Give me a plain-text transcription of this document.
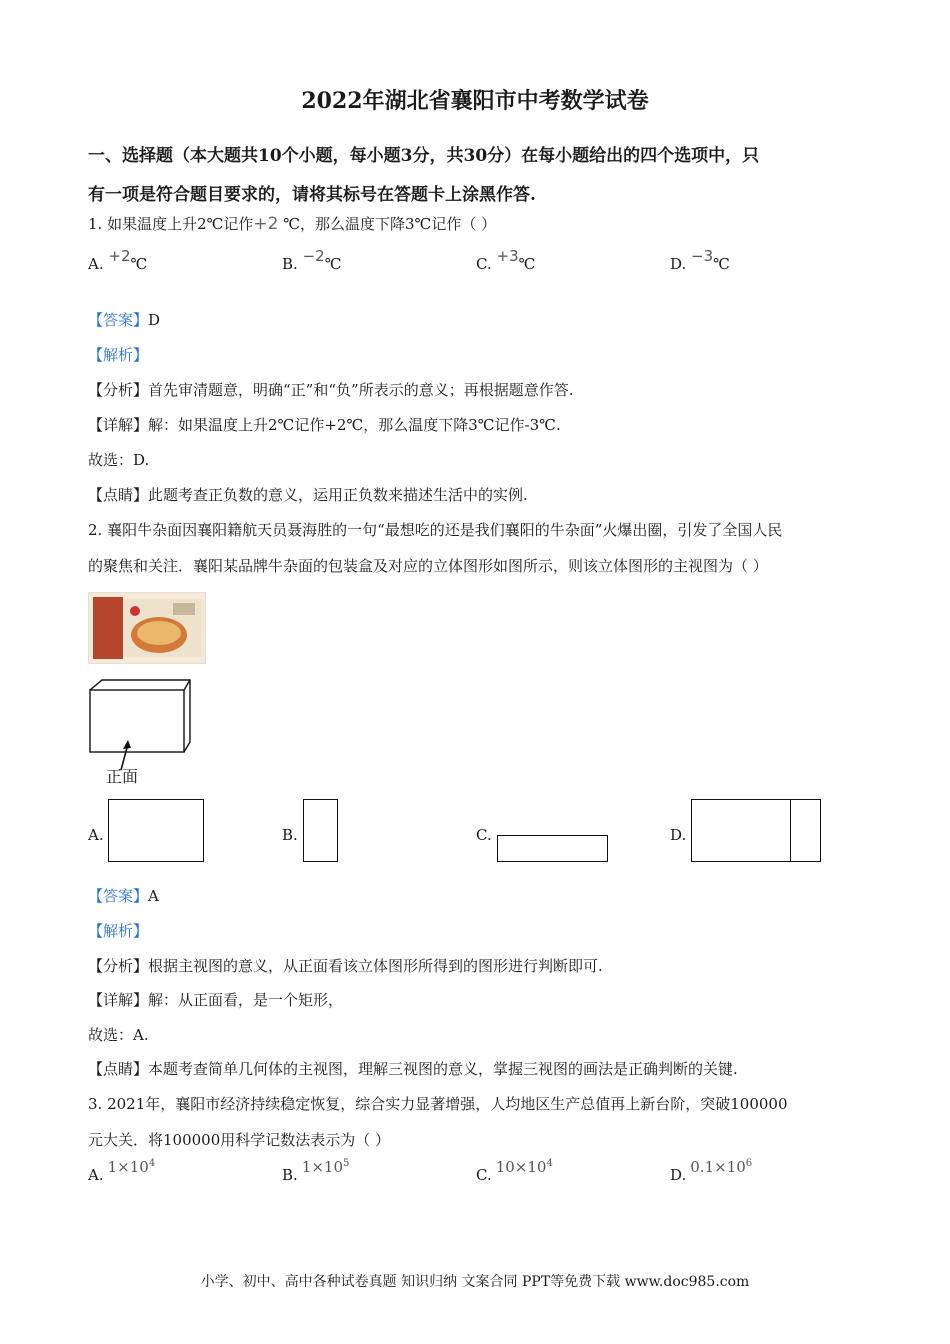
2022年湖北省襄阳市中考数学试卷
一、选择题（本大题共10个小题，每小题3分，共30分）在每小题给出的四个选项中，只
有一项是符合题目要求的，请将其标号在答题卡上涂黑作答.
1. 如果温度上升2℃记作+2 ℃，那么温度下降3℃记作（ ）
A. +2℃	B. −2℃	C. +3℃	D. −3℃
【答案】D
【解析】
【分析】首先审清题意，明确“正”和“负”所表示的意义；再根据题意作答.
【详解】解：如果温度上升2℃记作+2℃，那么温度下降3℃记作-3℃.
故选：D.
【点睛】此题考查正负数的意义，运用正负数来描述生活中的实例.
2. 襄阳牛杂面因襄阳籍航天员聂海胜的一句“最想吃的还是我们襄阳的牛杂面”火爆出圈，引发了全国人民
的聚焦和关注．襄阳某品牌牛杂面的包装盒及对应的立体图形如图所示，则该立体图形的主视图为（ ）
正面
A.	B.	C.	D.
【答案】A
【解析】
【分析】根据主视图的意义，从正面看该立体图形所得到的图形进行判断即可.
【详解】解：从正面看，是一个矩形，
故选：A.
【点睛】本题考查简单几何体的主视图，理解三视图的意义，掌握三视图的画法是正确判断的关键.
3. 2021年，襄阳市经济持续稳定恢复，综合实力显著增强，人均地区生产总值再上新台阶，突破100000
元大关．将100000用科学记数法表示为（ ）
A. $1\times 10^4$
B. $1\times 10^5$
C. $10\times 10^4$
D. $0.1\times 10^6$
小学、初中、高中各种试卷真题 知识归纳 文案合同 PPT等免费下载 www.doc985.com
